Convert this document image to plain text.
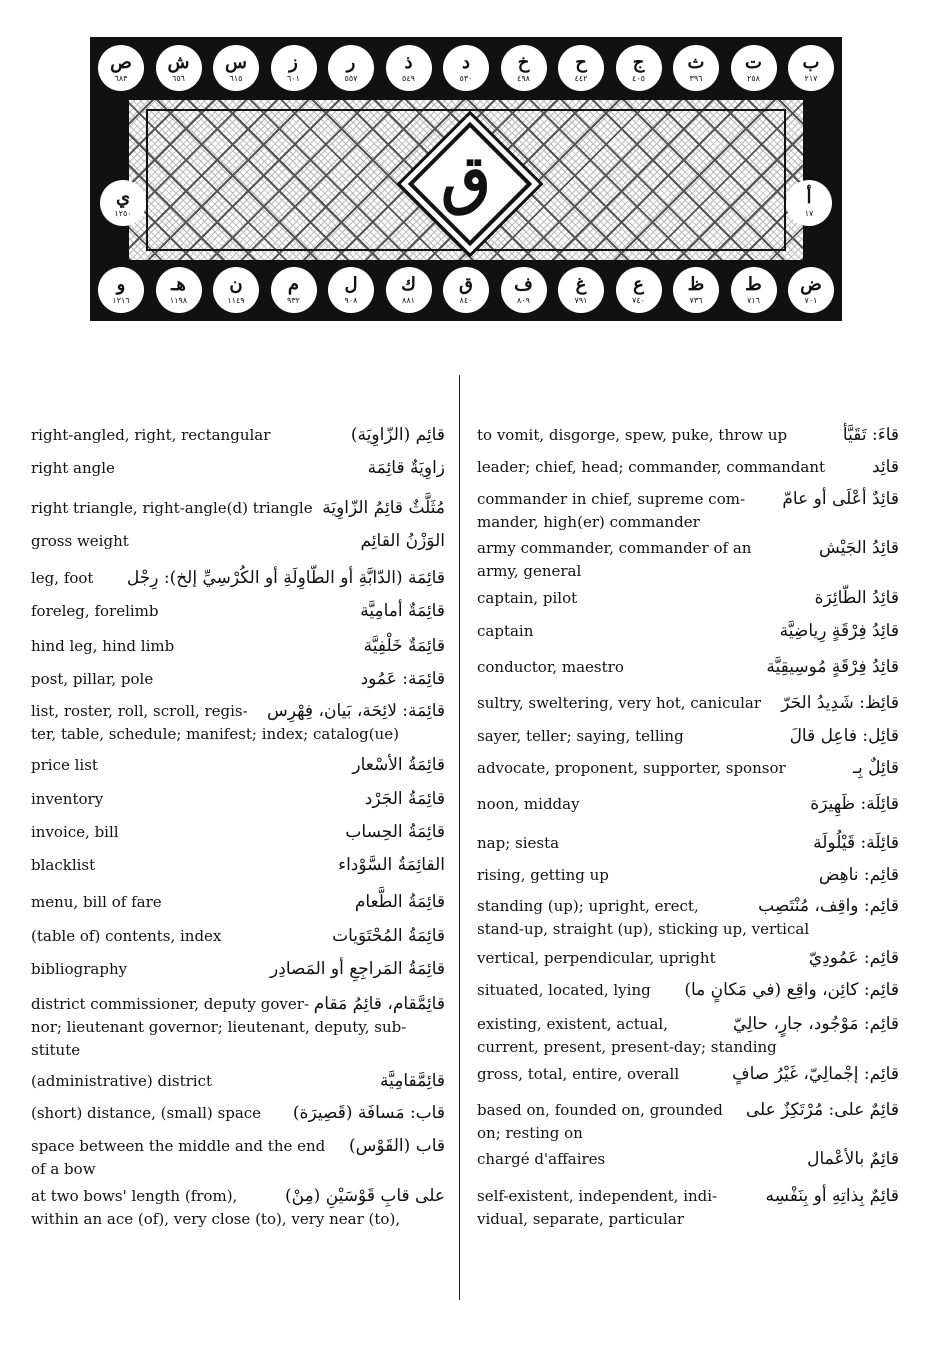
ص
٦٨٣
ش
٦٥٦
س
٦١٥
ز
٦٠١
ر
٥٥٧
ذ
٥٤٩
د
٥٣٠
خ
٤٩٨
ح
٤٤٢
ج
٤٠٥
ث
٣٩٦
ت
٢٥٨
ب
٢١٧
ي
١٢٥٠
أ
١٧
ق
و
١٢١٦
هـ
١١٩٨
ن
١١٤٩
م
٩٣٢
ل
٩٠٨
ك
٨٨١
ق
٨٤٠
ف
٨٠٩
غ
٧٩١
ع
٧٤٠
ظ
٧٣٦
ط
٧١٦
ض
٧٠١
right-angled, right, rectangular	قائِم (الزّاوِيَة)
right angle	زاوِيَةٌ قائِمَة
right triangle, right-angle(d) triangle مُثَلَّثٌ قائِمُ الزّاوِيَة
gross weight	الوَزْنُ القائِم
leg, foot قائِمَة (الدّابَّةِ أو الطّاوِلَةِ أو الكُرْسِيِّ إلخ): رِجْل
foreleg, forelimb	قائِمَةٌ أمامِيَّة
hind leg, hind limb	قائِمَةٌ خَلْفِيَّة
post, pillar, pole	قائِمَة: عَمُود
list, roster, roll, scroll, regis- قائِمَة: لائِحَة، بَيان، فِهْرِس
ter, table, schedule; manifest; index; catalog(ue)
price list	قائِمَةُ الأسْعار
inventory	قائِمَةُ الجَرْد
invoice, bill	قائِمَةُ الحِساب
blacklist	القائِمَةُ السَّوْداء
menu, bill of fare	قائِمَةُ الطَّعام
(table of) contents, index	قائِمَةُ المُحْتَوَيات
bibliography	قائِمَةُ المَراجِعِ أو المَصادِر
district commissioner, deputy gover- قائِمَّقام، قائِمُ مَقام
nor; lieutenant governor; lieutenant, deputy, sub-
stitute
(administrative) district	قائِمَّقامِيَّة
(short) distance, (small) space قاب: مَسافَة (قَصِيرَة)
space between the middle and the end قاب (القَوْس)
of a bow
at two bows' length (from),	على قابِ قَوْسَيْنِ (مِنْ)
within an ace (of), very close (to), very near (to),
to vomit, disgorge, spew, puke, throw up	قاءَ: تَقَيَّأ
leader; chief, head; commander, commandant	قائِد
commander in chief, supreme com- قائِدٌ أعْلَى أو عامّ
mander, high(er) commander
army commander, commander of an	قائِدُ الجَيْش
army, general
captain, pilot	قائِدُ الطّائِرَة
captain	قائِدُ فِرْقَةٍ رِياضِيَّة
conductor, maestro	قائِدُ فِرْقَةٍ مُوسِيقِيَّة
sultry, sweltering, very hot, canicular قائِظ: شَدِيدُ الحَرّ
sayer, teller; saying, telling	قائِل: فاعِل قالَ
advocate, proponent, supporter, sponsor	قائِلٌ بِـ
noon, midday	قائِلَة: ظَهِيرَة
nap; siesta	قائِلَة: قَيْلُولَة
rising, getting up	قائِم: ناهِض
standing (up); upright, erect,	قائِم: واقِف، مُنْتَصِب
stand-up, straight (up), sticking up, vertical
vertical, perpendicular, upright	قائِم: عَمُودِيّ
situated, located, lying قائِم: كائِن، واقِع (في مَكانٍ ما)
existing, existent, actual,	قائِم: مَوْجُود، جارٍ، حالِيّ
current, present, present-day; standing
gross, total, entire, overall	قائِم: إجْمالِيّ، غَيْرُ صافٍ
based on, founded on, grounded قائِمٌ على: مُرْتَكِزٌ على
on; resting on
chargé d'affaires	قائِمٌ بالأعْمال
self-existent, independent, indi-	قائِمٌ بِذاتِهِ أو بِنَفْسِه
vidual, separate, particular
